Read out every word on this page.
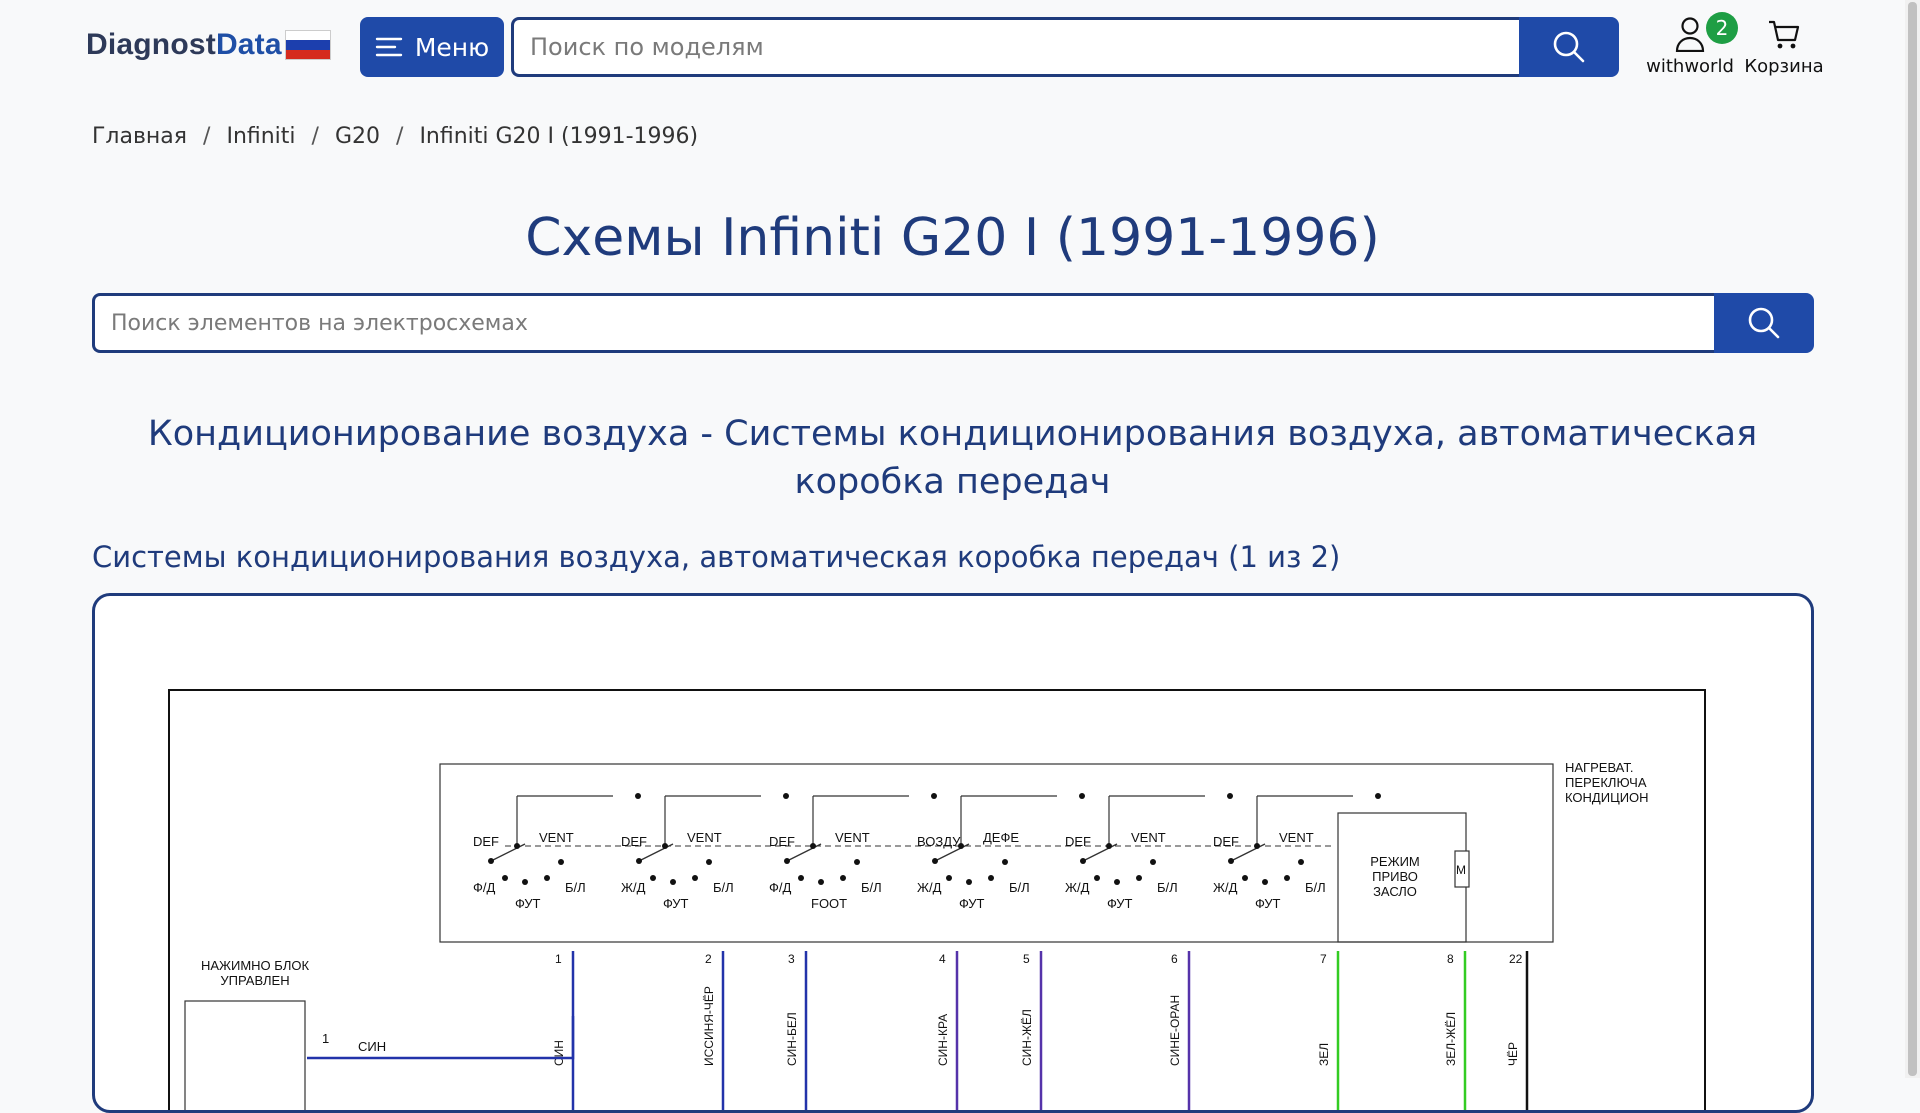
DiagnostData	Меню
Поиск по моделям
2
withworld Корзина
Главная / Infiniti / G20 / Infiniti G20 I (1991-1996)
Схемы Infiniti G20 I (1991-1996)
Поиск элементов на электросхемах
Кондиционирование воздуха - Системы кондиционирования воздуха, автоматическая коробка передач
Системы кондиционирования воздуха, автоматическая коробка передач (1 из 2)
M
РЕЖИМ
ПРИВО
ЗАСЛО
НАГРЕВАТ.
ПЕРЕКЛЮЧА
КОНДИЦИОН
НАЖИМНО БЛОК
УПРАВЛЕН
1
СИН
DEF	VENT
Ф/Д
ФУТ
Б/Л
DEF	VENT
Ж/Д
ФУТ
Б/Л
DEF	VENT
Ф/Д
FOOT
Б/Л
ВОЗДУ ДЕФЕ
Ж/Д
ФУТ
Б/Л
DEF	VENT
Ж/Д
ФУТ
Б/Л
DEF	VENT
Ж/Д
ФУТ
Б/Л
1
СИН
2
ИССИНЯ-ЧЁР
3
СИН-БЕЛ
4
СИН-КРА
5
СИН-ЖЁЛ
6
СИНЕ-ОРАН
7
ЗЕЛ
8
ЗЕЛ-ЖЁЛ
22
ЧЁР
